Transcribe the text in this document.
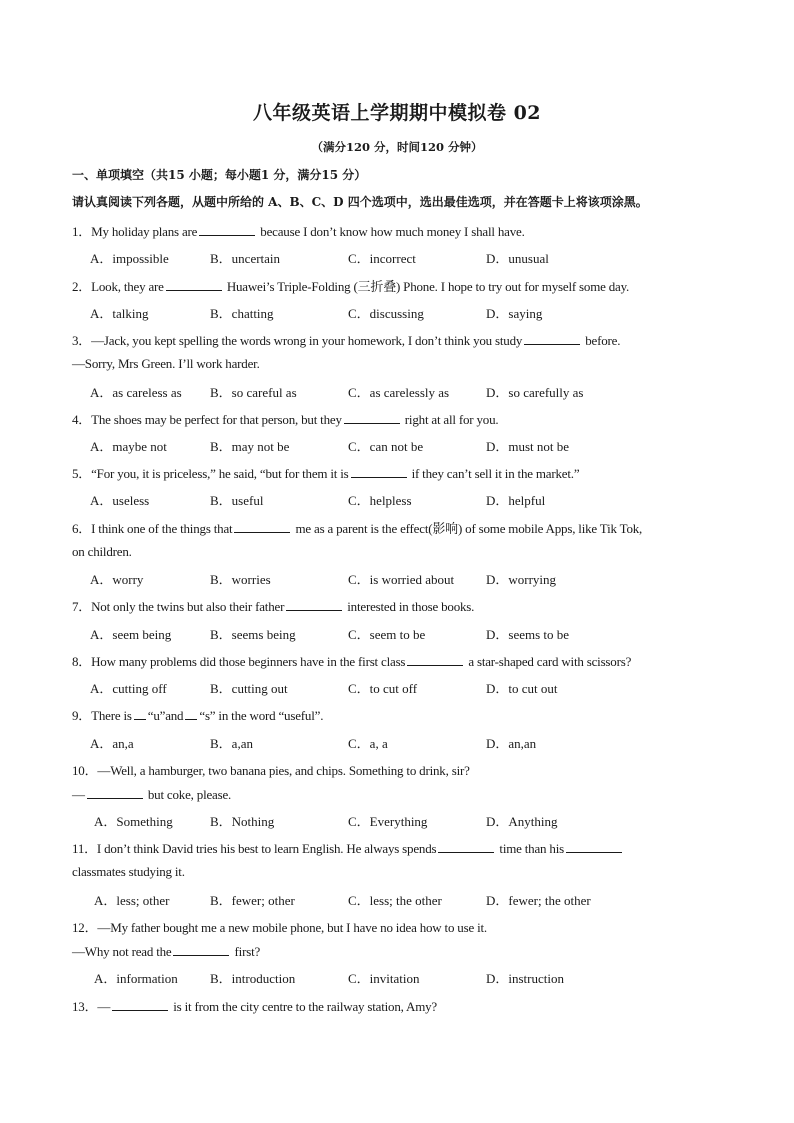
八年级英语上学期期中模拟卷 02
（满分120 分，时间120 分钟）
一、单项填空（共15 小题；每小题1 分，满分15 分）
请认真阅读下列各题，从题中所给的 A、B、C、D 四个选项中，选出最佳选项，并在答题卡上将该项涂黑。
1．My holiday plans are	because I don’t know how much money I shall have.
A．impossible	B．uncertain	C．incorrect	D．unusual
2．Look, they are	Huawei’s Triple-Folding (三折叠) Phone. I hope to try out for myself some day.
A．talking	B．chatting	C．discussing	D．saying
3．—Jack, you kept spelling the words wrong in your homework, I don’t think you study	before.
—Sorry, Mrs Green. I’ll work harder.
A．as careless as B．so careful as	C．as carelessly as	D．so carefully as
4．The shoes may be perfect for that person, but they	right at all for you.
A．maybe not	B．may not be	C．can not be	D．must not be
5．“For you, it is priceless,” he said, “but for them it is	if they can’t sell it in the market.”
A．useless	B．useful	C．helpless	D．helpful
6．I think one of the things that	me as a parent is the effect(影响) of some mobile Apps, like Tik Tok,
on children.
A．worry	B．worries	C．is worried about D．worrying
7．Not only the twins but also their father	interested in those books.
A．seem being	B．seems being	C．seem to be	D．seems to be
8．How many problems did those beginners have in the first class	a star-shaped card with scissors?
A．cutting off	B．cutting out	C．to cut off	D．to cut out
9．There is “u”and “s” in the word “useful”.
A．an,a	B．a,an	C．a, a	D．an,an
10．—Well, a hamburger, two banana pies, and chips. Something to drink, sir?
—	but coke, please.
A．Something	B．Nothing	C．Everything	D．Anything
11．I don’t think David tries his best to learn English. He always spends	time than his
classmates studying it.
A．less; other	B．fewer; other	C．less; the other	D．fewer; the other
12．—My father bought me a new mobile phone, but I have no idea how to use it.
—Why not read the	first?
A．information B．introduction	C．invitation	D．instruction
13．—	is it from the city centre to the railway station, Amy?
